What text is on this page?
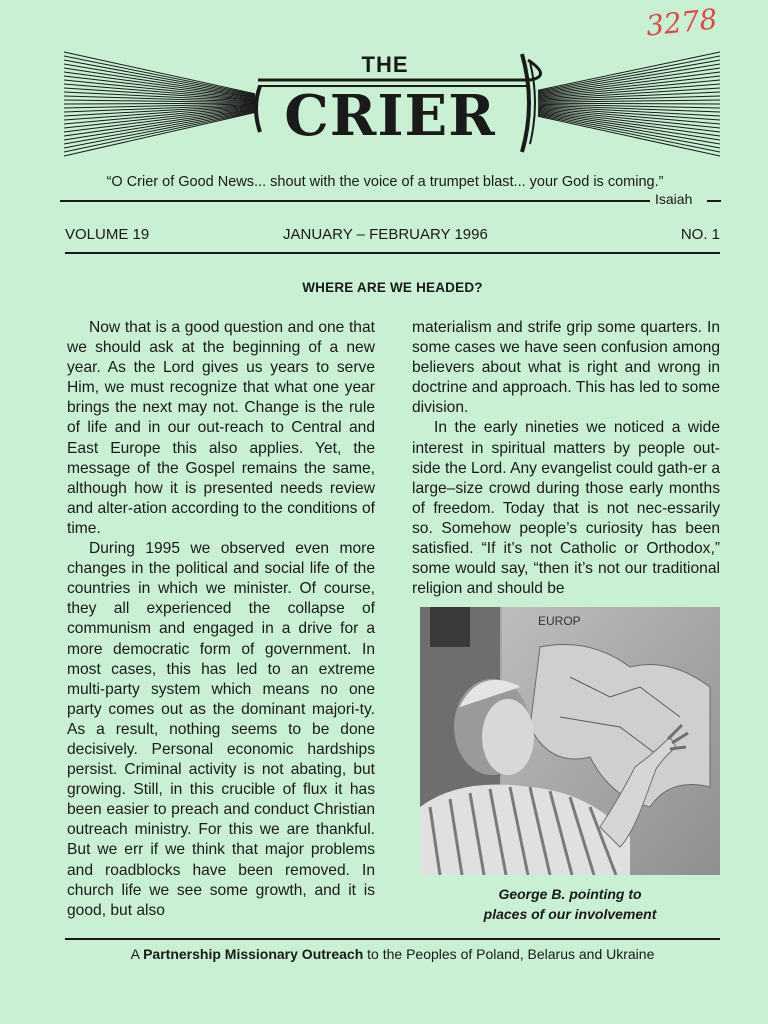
3278
THE
CRIER
“O Crier of Good News... shout with the voice of a trumpet blast... your God is coming.”
Isaiah
VOLUME 19	JANUARY – FEBRUARY 1996	NO. 1
WHERE ARE WE HEADED?

Now that is a good question and one that we should ask at the beginning of a new year. As the Lord gives us years to serve Him, we must recognize that what one year brings the next may not. Change is the rule of life and in our out-reach to Central and East Europe this also applies. Yet, the message of the Gospel remains the same, although how it is presented needs review and alter-ation according to the conditions of time.

During 1995 we observed even more changes in the political and social life of the countries in which we minister. Of course, they all experienced the collapse of communism and engaged in a drive for a more democratic form of government. In most cases, this has led to an extreme multi-party system which means no one party comes out as the dominant majori-ty. As a result, nothing seems to be done decisively. Personal economic hardships persist. Criminal activity is not abating, but growing. Still, in this crucible of flux it has been easier to preach and conduct Christian outreach ministry. For this we are thankful. But we err if we think that major problems and roadblocks have been removed. In church life we see some growth, and it is good, but also

materialism and strife grip some quarters. In some cases we have seen confusion among believers about what is right and wrong in doctrine and approach. This has led to some division.

In the early nineties we noticed a wide interest in spiritual matters by people out-side the Lord. Any evangelist could gath-er a large–size crowd during those early months of freedom. Today that is not nec-essarily so. Somehow people’s curiosity has been satisfied. “If it’s not Catholic or Orthodox,” some would say, “then it’s not our traditional religion and should be

EUROP
George B. pointing to
places of our involvement
A Partnership Missionary Outreach to the Peoples of Poland, Belarus and Ukraine
